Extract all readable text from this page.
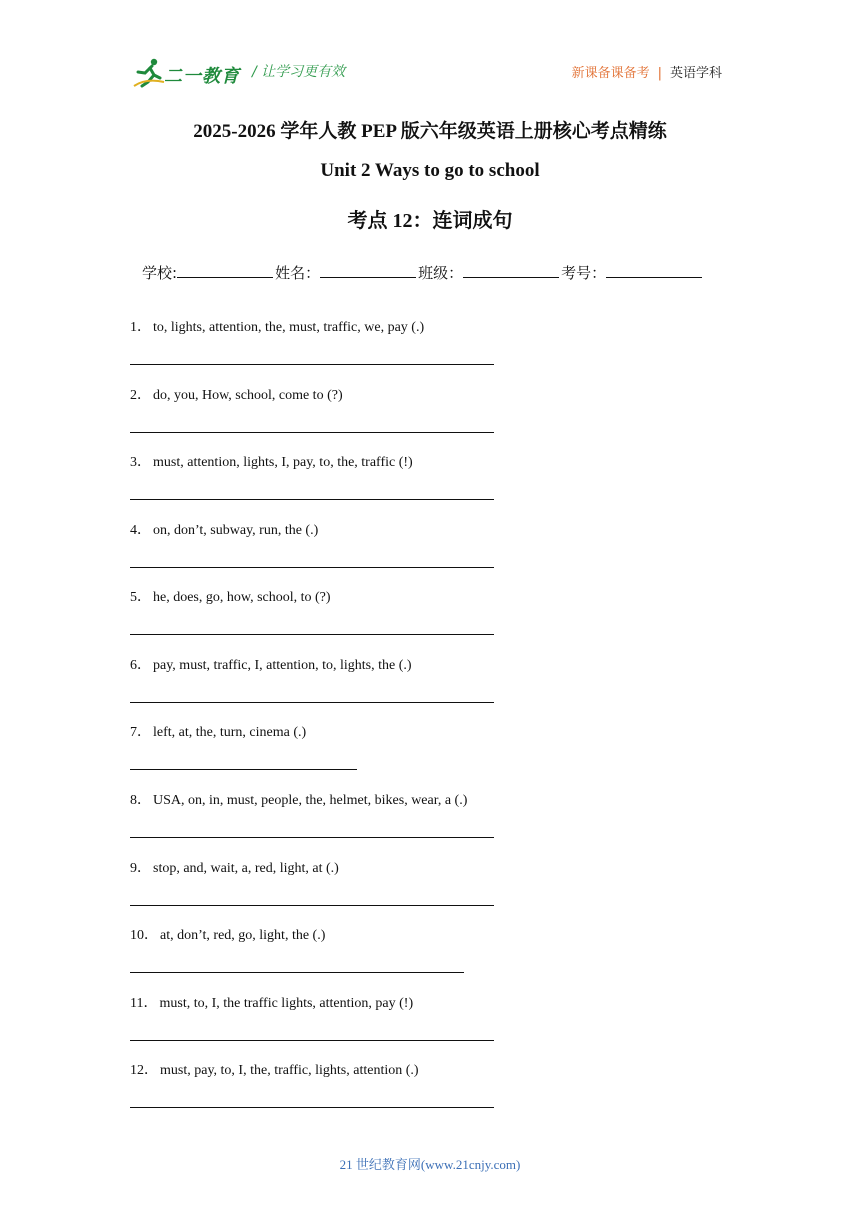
二一教育 / 让学习更有效	新课备课备考 | 英语学科
2025-2026 学年人教 PEP 版六年级英语上册核心考点精练
Unit 2 Ways to go to school
考点 12：连词成句
学校:	姓名：	班级：	考号：
1． to, lights, attention, the, must, traffic, we, pay (.)
2． do, you, How, school, come to (?)
3． must, attention, lights, I, pay, to, the, traffic (!)
4． on, don’t, subway, run, the (.)
5． he, does, go, how, school, to (?)
6． pay, must, traffic, I, attention, to, lights, the (.)
7． left, at, the, turn, cinema (.)
8． USA, on, in, must, people, the, helmet, bikes, wear, a (.)
9． stop, and, wait, a, red, light, at (.)
10． at, don’t, red, go, light, the (.)
11． must, to, I, the traffic lights, attention, pay (!)
12． must, pay, to, I, the, traffic, lights, attention (.)
21 世纪教育网(www.21cnjy.com)
